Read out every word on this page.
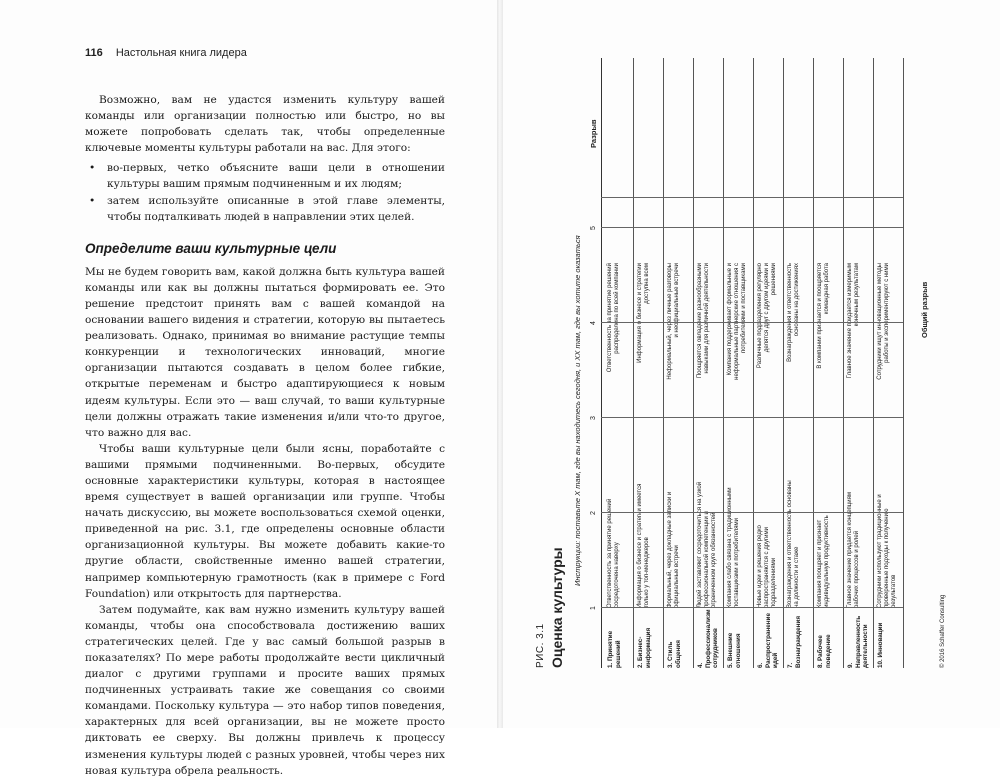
116 Настольная книга лидера

Возможно, вам не удастся изменить культуру вашей команды или организации полностью или быстро, но вы можете попробовать сделать так, чтобы определенные ключевые моменты культуры работали на вас. Для этого:

• во-первых, четко объясните ваши цели в отношении культуры вашим прямым подчиненным и их людям;
• затем используйте описанные в этой главе элементы, чтобы подталкивать людей в направлении этих целей.
Определите ваши культурные цели

Мы не будем говорить вам, какой должна быть культура вашей команды или как вы должны пытаться формировать ее. Это решение предстоит принять вам с вашей командой на основании вашего видения и стратегии, которую вы пытаетесь реализовать. Однако, принимая во внимание растущие темпы конкуренции и технологических инноваций, многие организации пытаются создавать в целом более гибкие, открытые переменам и быстро адаптирующиеся к новым идеям культуры. Если это — ваш случай, то ваши культурные цели должны отражать такие изменения и/или что-то другое, что важно для вас.

Чтобы ваши культурные цели были ясны, поработайте с вашими прямыми подчиненными. Во-первых, обсудите основные характеристики культуры, которая в настоящее время существует в вашей организации или группе. Чтобы начать дискуссию, вы можете воспользоваться схемой оценки, приведенной на рис. 3.1, где определены основные области организационной культуры. Вы можете добавить какие-то другие области, свойственные именно вашей стратегии, например компьютерную грамотность (как в примере с Ford Foundation) или открытость для партнерства.

Затем подумайте, как вам нужно изменить культуру вашей команды, чтобы она способствовала достижению ваших стратегических целей. Где у вас самый большой разрыв в показателях? По мере работы продолжайте вести цикличный диалог с другими группами и просите ваших прямых подчиненных устраивать такие же совещания со своими командами. Поскольку культура — это набор типов поведения, характерных для всей организации, вы не можете просто диктовать ее сверху. Вы должны привлечь к процессу изменения культуры людей с разных уровней, чтобы через них новая культура обрела реальность.

РИС. 3.1 Оценка культуры
Инструкции: поставьте Х там, где вы находитесь сегодня, и ХХ там, где вы хотите оказаться
1
2
3
4
5
Разрыв
1. Принятие решений
Ответственность за принятие решений сосредоточена наверху
Ответственность за принятие решений распределена по всей компании
2. Бизнес-информация
Информация о бизнесе и стратегии имеется только у топ-менеджеров
Информация о бизнесе и стратегии доступна всем
3. Стиль общения
Формальный, через докладные записки и официальные встречи
Неформальный, через личные разговоры и неофициальные встречи
4. Профессионализм сотрудников
Людей заставляют сосредоточиться на узкой профессиональной компетенции и ограниченном круге обязанностей
Поощряется овладение разнообразными навыками для различной деятельности
5. Внешние отношения
Компания слабо связана с традиционными поставщиками и потребителями
Компания поддерживает формальные и неформальные партнерские отношения с потребителями и поставщиками
6. Распространение идей
Новые идеи и решения редко распространяются с другими подразделениями
Различные подразделения регулярно делятся друг с другом идеями и решениями
7. Вознаграждения
Вознаграждения и ответственность основаны на должности и стаже
Вознаграждения и ответственность основаны на достижениях
8. Рабочее поведение
Компания поощряет и признает индивидуальную продуктивность
В компании признается и поощряется командная работа
9. Направленность деятельности
Главное значение придается концепциям рабочих процессов и ролей
Главное значение придается измеримым конечным результатам
10. Инновации
Сотрудники используют традиционные и проверенные подходы к получению результатов
Сотрудники ищут инновационные методы работы и экспериментируют с ними	Общий разрыв
© 2016 Schaffer Consulting
